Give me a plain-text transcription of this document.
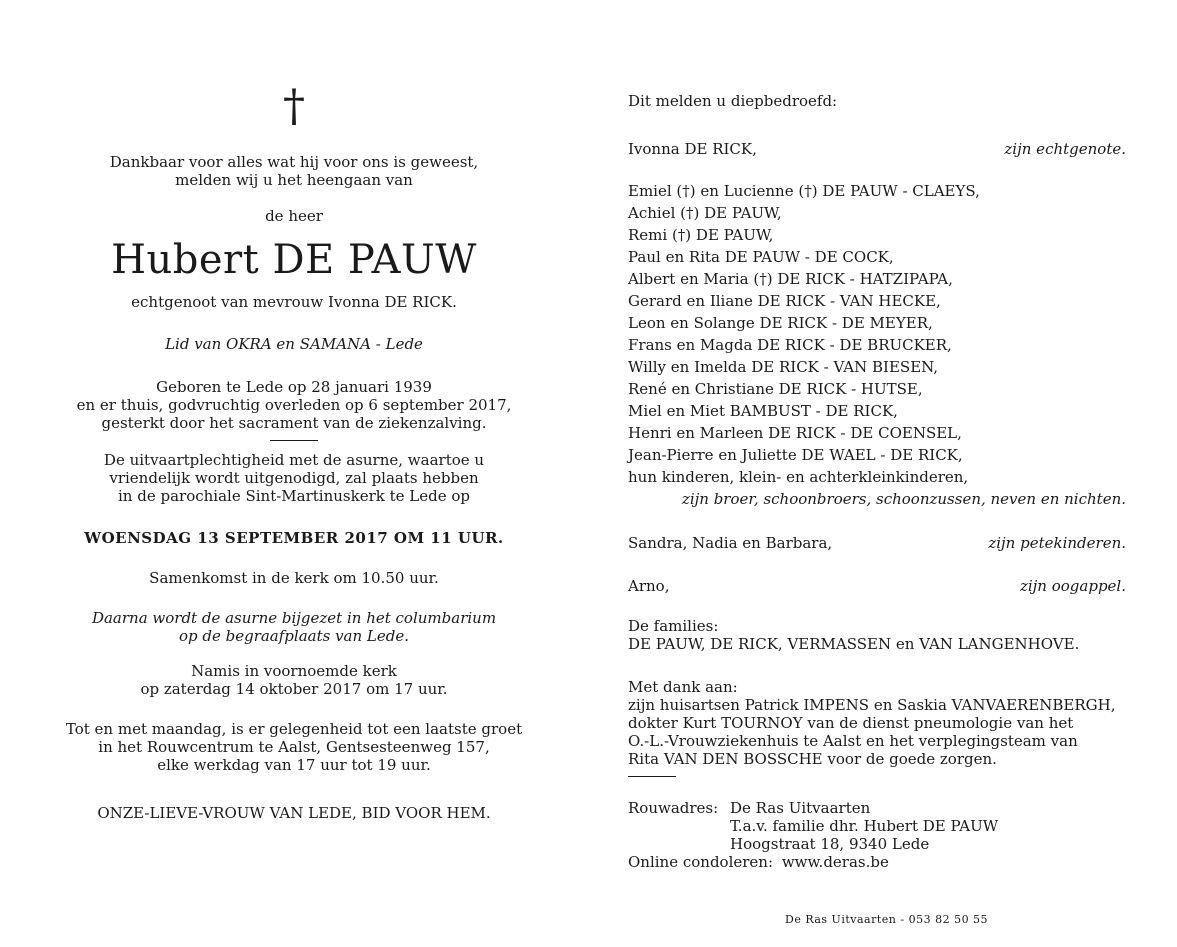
†
Dankbaar voor alles wat hij voor ons is geweest,
melden wij u het heengaan van
de heer
Hubert DE PAUW
echtgenoot van mevrouw Ivonna DE RICK.
Lid van OKRA en SAMANA - Lede
Geboren te Lede op 28 januari 1939
en er thuis, godvruchtig overleden op 6 september 2017,
gesterkt door het sacrament van de ziekenzalving.
De uitvaartplechtigheid met de asurne, waartoe u
vriendelijk wordt uitgenodigd, zal plaats hebben
in de parochiale Sint-Martinuskerk te Lede op
WOENSDAG 13 SEPTEMBER 2017 OM 11 UUR.
Samenkomst in de kerk om 10.50 uur.
Daarna wordt de asurne bijgezet in het columbarium
op de begraafplaats van Lede.
Namis in voornoemde kerk
op zaterdag 14 oktober 2017 om 17 uur.
Tot en met maandag, is er gelegenheid tot een laatste groet
in het Rouwcentrum te Aalst, Gentsesteenweg 157,
elke werkdag van 17 uur tot 19 uur.
ONZE-LIEVE-VROUW VAN LEDE, BID VOOR HEM.
Dit melden u diepbedroefd:
Ivonna DE RICK,	zijn echtgenote.
Emiel (†) en Lucienne (†) DE PAUW - CLAEYS,
Achiel (†) DE PAUW,
Remi (†) DE PAUW,
Paul en Rita DE PAUW - DE COCK,
Albert en Maria (†) DE RICK - HATZIPAPA,
Gerard en Iliane DE RICK - VAN HECKE,
Leon en Solange DE RICK - DE MEYER,
Frans en Magda DE RICK - DE BRUCKER,
Willy en Imelda DE RICK - VAN BIESEN,
René en Christiane DE RICK - HUTSE,
Miel en Miet BAMBUST - DE RICK,
Henri en Marleen DE RICK - DE COENSEL,
Jean-Pierre en Juliette DE WAEL - DE RICK,
hun kinderen, klein- en achterkleinkinderen,
zijn broer, schoonbroers, schoonzussen, neven en nichten.
Sandra, Nadia en Barbara,	zijn petekinderen.
Arno,	zijn oogappel.
De families:
DE PAUW, DE RICK, VERMASSEN en VAN LANGENHOVE.
Met dank aan:
zijn huisartsen Patrick IMPENS en Saskia VANVAERENBERGH,
dokter Kurt TOURNOY van de dienst pneumologie van het
O.-L.-Vrouwziekenhuis te Aalst en het verplegingsteam van
Rita VAN DEN BOSSCHE voor de goede zorgen.
Rouwadres: De Ras Uitvaarten
T.a.v. familie dhr. Hubert DE PAUW
Hoogstraat 18, 9340 Lede
Online condoleren: www.deras.be
De Ras Uitvaarten - 053 82 50 55
